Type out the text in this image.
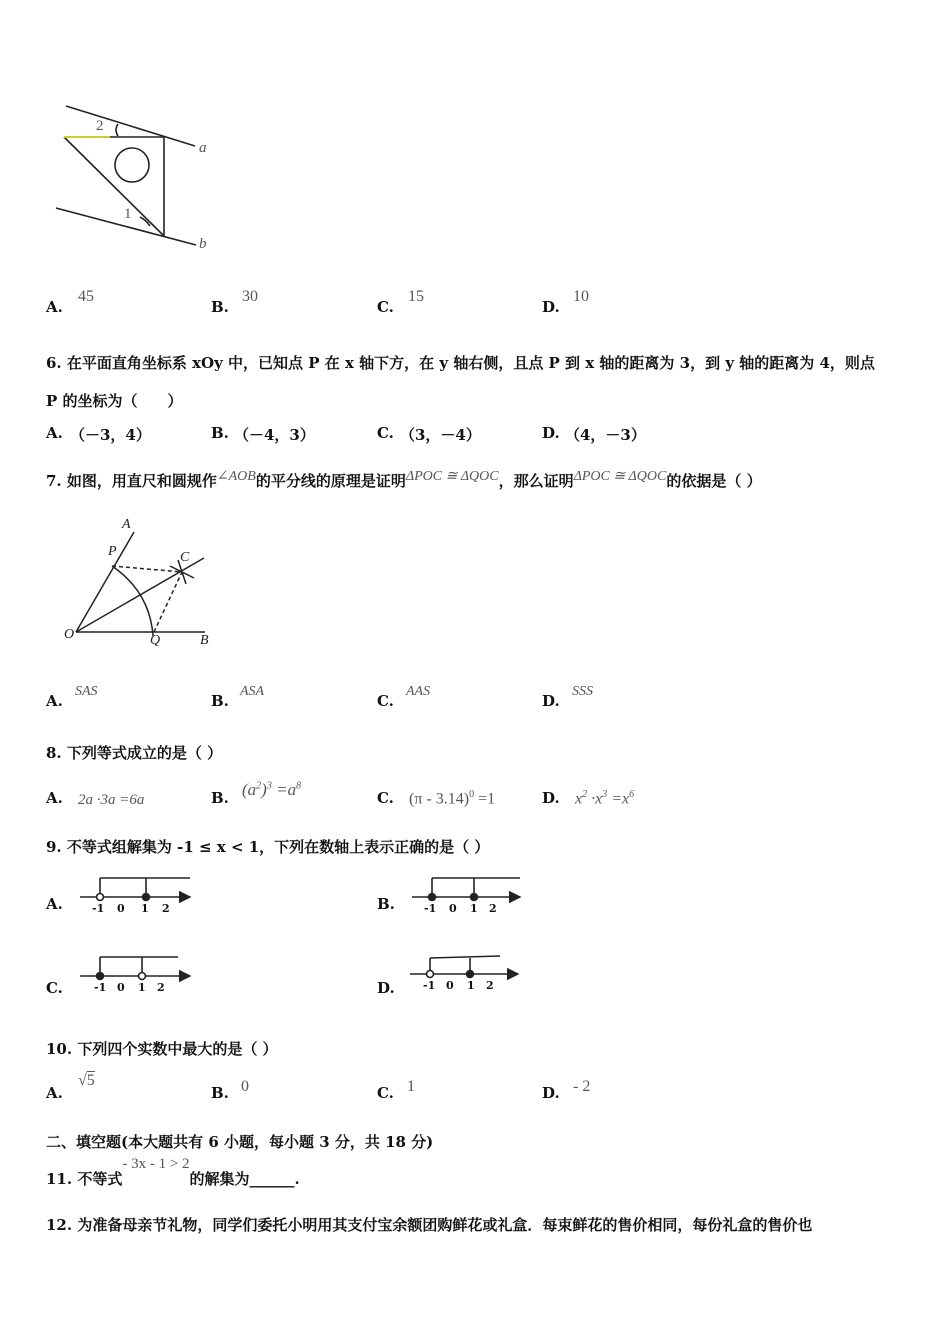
2
1
a
b
A.
45
B.
30
C.
15
D.
10
6. 在平面直角坐标系 xOy 中，已知点 P 在 x 轴下方，在 y 轴右侧，且点 P 到 x 轴的距离为 3，到 y 轴的距离为 4，则点
P 的坐标为（　　）
A. （－3，4）	B. （－4，3）	C. （3，－4）	D. （4，－3）
7. 如图，用直尺和圆规作∠AOB的平分线的原理是证明ΔPOC ≅ ΔQOC，那么证明ΔPOC ≅ ΔQOC的依据是（ ）
A
P	C
O	Q	B
A.
SAS
B.
ASA
C.
AAS
D.
SSS
8. 下列等式成立的是（ ）
A. 2a ·3a =6a	B. $(a^2)^3 =a^8$
C. (π - 3.14)$^0$ =1	D. $x^2 \cdot x^3 =x^6$
9. 不等式组解集为 -1 ≤ x < 1，下列在数轴上表示正确的是（ ）
A.	-1 0 1 2	B.	-1 0 1 2
C.	-1 0 1 2	D.	-1 0 1 2
10. 下列四个实数中最大的是（ ）
A.
√5
B. 0	C. 1	D. - 2
二、填空题(本大题共有 6 小题，每小题 3 分，共 18 分)
11. 不等式- 3x - 1 > 2的解集为______.
12. 为准备母亲节礼物，同学们委托小明用其支付宝余额团购鲜花或礼盒．每束鲜花的售价相同，每份礼盒的售价也
